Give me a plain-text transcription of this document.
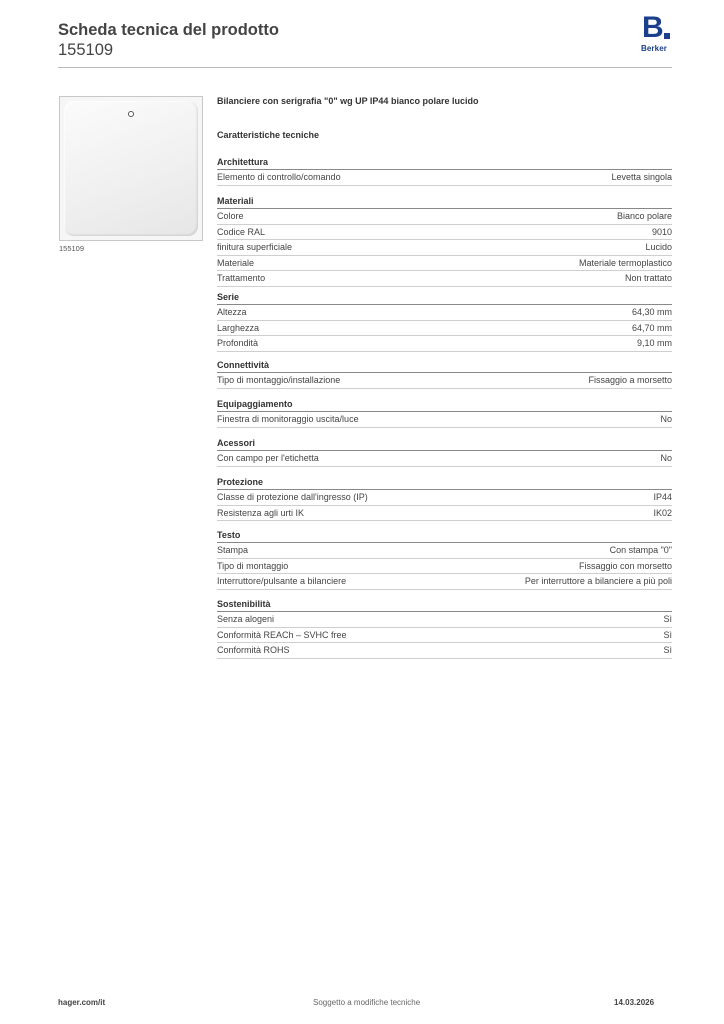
Scheda tecnica del prodotto
155109
B
Berker
155109
Bilanciere con serigrafia "0" wg UP IP44 bianco polare lucido
Caratteristiche tecniche
Architettura
Elemento di controllo/comando	Levetta singola
Materiali
Colore	Bianco polare
Codice RAL	9010
finitura superficiale	Lucido
Materiale	Materiale termoplastico
Trattamento	Non trattato
Serie
Altezza	64,30 mm
Larghezza	64,70 mm
Profondità	9,10 mm
Connettività
Tipo di montaggio/installazione	Fissaggio a morsetto
Equipaggiamento
Finestra di monitoraggio uscita/luce	No
Acessori
Con campo per l'etichetta	No
Protezione
Classe di protezione dall'ingresso (IP)	IP44
Resistenza agli urti IK	IK02
Testo
Stampa	Con stampa "0"
Tipo di montaggio	Fissaggio con morsetto
Interruttore/pulsante a bilanciere	Per interruttore a bilanciere a più poli
Sostenibilità
Senza alogeni	Sì
Conformità REACh – SVHC free	Sì
Conformità ROHS	Sì
hager.com/it	Soggetto a modifiche tecniche	14.03.2026
